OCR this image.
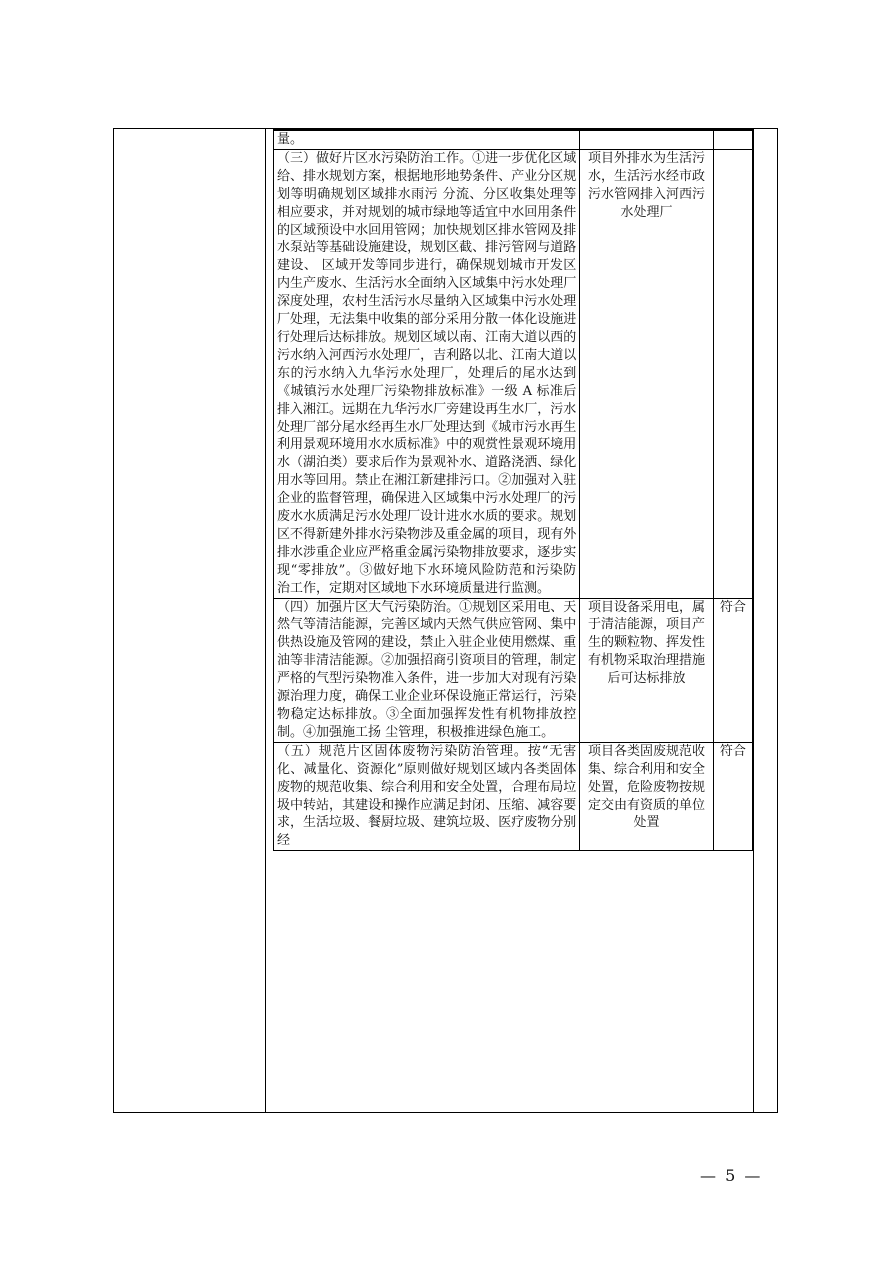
量。		
（三）做好片区水污染防治工作。①进一步优化区域给、排水规划方案，根据地形地势条件、产业分区规划等明确规划区域排水雨污 分流、分区收集处理等相应要求，并对规划的城市绿地等适宜中水回用条件的区域预设中水回用管网；加快规划区排水管网及排水泵站等基础设施建设，规划区截、排污管网与道路建设、 区域开发等同步进行，确保规划城市开发区内生产废水、生活污水全面纳入区域集中污水处理厂深度处理，农村生活污水尽量纳入区域集中污水处理厂处理，无法集中收集的部分采用分散一体化设施进行处理后达标排放。规划区域以南、江南大道以西的污水纳入河西污水处理厂，吉利路以北、江南大道以东的污水纳入九华污水处理厂，处理后的尾水达到《城镇污水处理厂污染物排放标准》一级 A 标准后排入湘江。远期在九华污水厂旁建设再生水厂，污水处理厂部分尾水经再生水厂处理达到《城市污水再生利用景观环境用水水质标准》中的观赏性景观环境用水（湖泊类）要求后作为景观补水、道路浇洒、绿化用水等回用。禁止在湘江新建排污口。②加强对入驻企业的监督管理，确保进入区域集中污水处理厂的污废水水质满足污水处理厂设计进水水质的要求。规划区不得新建外排水污染物涉及重金属的项目，现有外排水涉重企业应严格重金属污染物排放要求，逐步实现“零排放”。③做好地下水环境风险防范和污染防治工作，定期对区域地下水环境质量进行监测。	项目外排水为生活污水，生活污水经市政污水管网排入河西污水处理厂	
（四）加强片区大气污染防治。①规划区采用电、天然气等清洁能源，完善区域内天然气供应管网、集中供热设施及管网的建设，禁止入驻企业使用燃煤、重油等非清洁能源。②加强招商引资项目的管理，制定严格的气型污染物准入条件，进一步加大对现有污染源治理力度，确保工业企业环保设施正常运行，污染物稳定达标排放。③全面加强挥发性有机物排放控制。④加强施工扬 尘管理，积极推进绿色施工。	项目设备采用电，属于清洁能源，项目产生的颗粒物、挥发性有机物采取治理措施后可达标排放	符合
（五）规范片区固体废物污染防治管理。按“无害化、减量化、资源化”原则做好规划区域内各类固体废物的规范收集、综合利用和安全处置，合理布局垃圾中转站，其建设和操作应满足封闭、压缩、减容要求，生活垃圾、餐厨垃圾、建筑垃圾、医疗废物分别经	项目各类固废规范收集、综合利用和安全处置，危险废物按规定交由有资质的单位处置	符合
— 5 —
